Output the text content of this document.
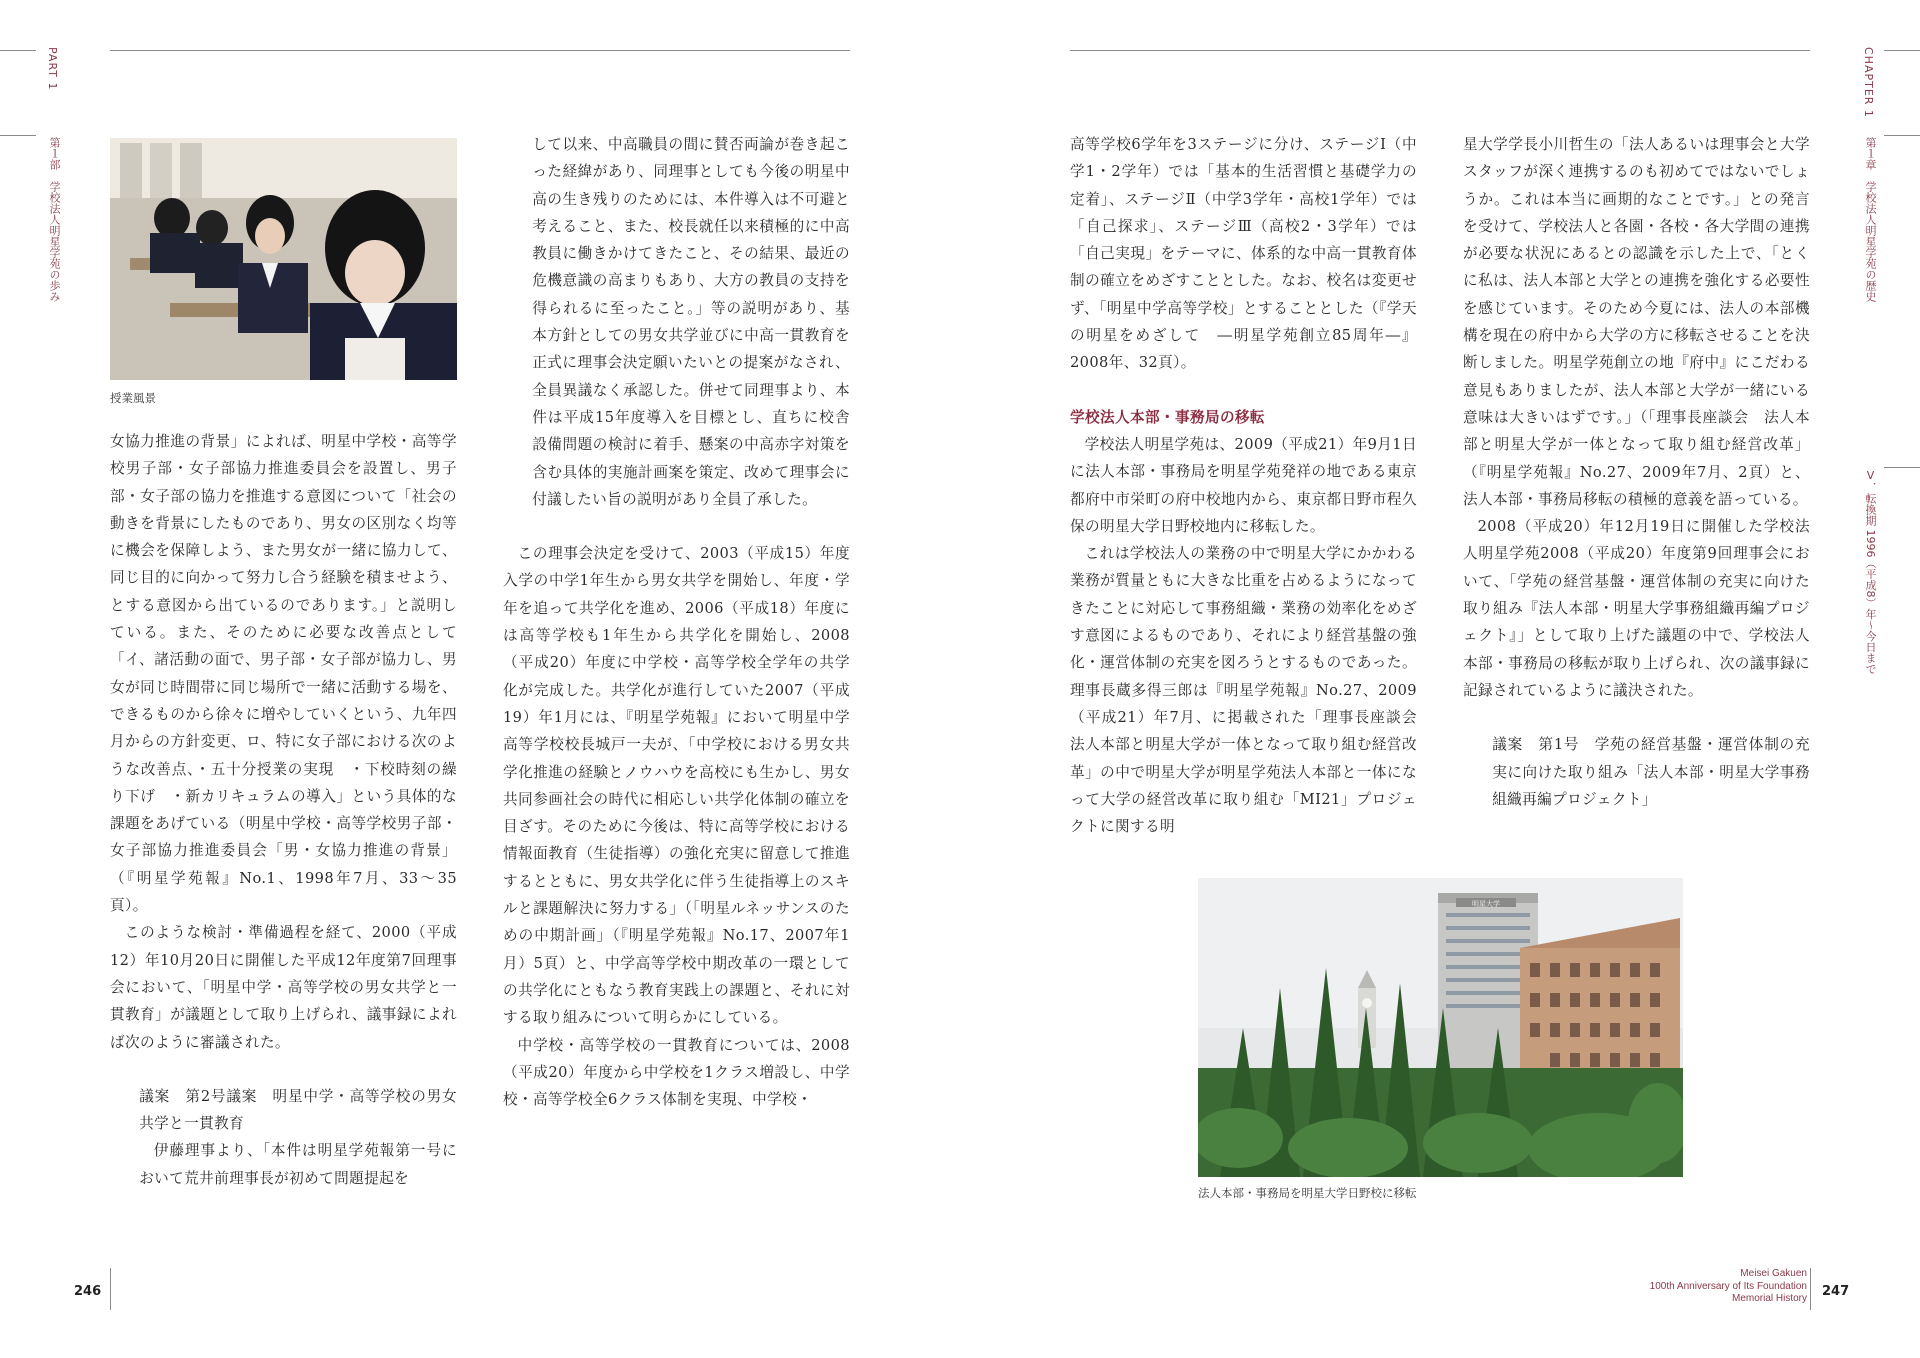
PART 1
第１部　学校法人明星学苑の歩み
授業風景

女協力推進の背景」によれば、明星中学校・高等学校男子部・女子部協力推進委員会を設置し、男子部・女子部の協力を推進する意図について「社会の動きを背景にしたものであり、男女の区別なく均等に機会を保障しよう、また男女が一緒に協力して、同じ目的に向かって努力し合う経験を積ませよう、とする意図から出ているのであります。」と説明している。また、そのために必要な改善点として「イ、諸活動の面で、男子部・女子部が協力し、男女が同じ時間帯に同じ場所で一緒に活動する場を、できるものから徐々に増やしていくという、九年四月からの方針変更、ロ、特に女子部における次のような改善点、・五十分授業の実現　・下校時刻の繰り下げ　・新カリキュラムの導入」という具体的な課題をあげている（明星中学校・高等学校男子部・女子部協力推進委員会「男・女協力推進の背景」（『明星学苑報』No.1、1998年7月、33～35頁）。

このような検討・準備過程を経て、2000（平成12）年10月20日に開催した平成12年度第7回理事会において、「明星中学・高等学校の男女共学と一貫教育」が議題として取り上げられ、議事録によれば次のように審議された。

議案　第2号議案　明星中学・高等学校の男女共学と一貫教育

伊藤理事より、「本件は明星学苑報第一号において荒井前理事長が初めて問題提起を

して以来、中高職員の間に賛否両論が巻き起こった経緯があり、同理事としても今後の明星中高の生き残りのためには、本件導入は不可避と考えること、また、校長就任以来積極的に中高教員に働きかけてきたこと、その結果、最近の危機意識の高まりもあり、大方の教員の支持を得られるに至ったこと。」等の説明があり、基本方針としての男女共学並びに中高一貫教育を正式に理事会決定願いたいとの提案がなされ、全員異議なく承認した。併せて同理事より、本件は平成15年度導入を目標とし、直ちに校舎設備問題の検討に着手、懸案の中高赤字対策を含む具体的実施計画案を策定、改めて理事会に付議したい旨の説明があり全員了承した。

この理事会決定を受けて、2003（平成15）年度入学の中学1年生から男女共学を開始し、年度・学年を追って共学化を進め、2006（平成18）年度には高等学校も1年生から共学化を開始し、2008（平成20）年度に中学校・高等学校全学年の共学化が完成した。共学化が進行していた2007（平成19）年1月には、『明星学苑報』において明星中学高等学校校長城戸一夫が、「中学校における男女共学化推進の経験とノウハウを高校にも生かし、男女共同参画社会の時代に相応しい共学化体制の確立を目ざす。そのために今後は、特に高等学校における情報面教育（生徒指導）の強化充実に留意して推進するとともに、男女共学化に伴う生徒指導上のスキルと課題解決に努力する」（「明星ルネッサンスのための中期計画」（『明星学苑報』No.17、2007年1月）5頁）と、中学高等学校中期改革の一環としての共学化にともなう教育実践上の課題と、それに対する取り組みについて明らかにしている。

中学校・高等学校の一貫教育については、2008（平成20）年度から中学校を1クラス増設し、中学校・高等学校全6クラス体制を実現、中学校・

246
CHAPTER 1
第１章　学校法人明星学苑の歴史
Ⅴ．転換期 1996（平成8）年～今日まで

高等学校6学年を3ステージに分け、ステージⅠ（中学1・2学年）では「基本的生活習慣と基礎学力の定着」、ステージⅡ（中学3学年・高校1学年）では「自己探求」、ステージⅢ（高校2・3学年）では「自己実現」をテーマに、体系的な中高一貫教育体制の確立をめざすこととした。なお、校名は変更せず、「明星中学高等学校」とすることとした（『学天の明星をめざして　―明星学苑創立85周年―』2008年、32頁）。

学校法人本部・事務局の移転

学校法人明星学苑は、2009（平成21）年9月1日に法人本部・事務局を明星学苑発祥の地である東京都府中市栄町の府中校地内から、東京都日野市程久保の明星大学日野校地内に移転した。

これは学校法人の業務の中で明星大学にかかわる業務が質量ともに大きな比重を占めるようになってきたことに対応して事務組織・業務の効率化をめざす意図によるものであり、それにより経営基盤の強化・運営体制の充実を図ろうとするものであった。理事長蔵多得三郎は『明星学苑報』No.27、2009（平成21）年7月、に掲載された「理事長座談会　法人本部と明星大学が一体となって取り組む経営改革」の中で明星大学が明星学苑法人本部と一体になって大学の経営改革に取り組む「MI21」プロジェクトに関する明

星大学学長小川哲生の「法人あるいは理事会と大学スタッフが深く連携するのも初めてではないでしょうか。これは本当に画期的なことです。」との発言を受けて、学校法人と各園・各校・各大学間の連携が必要な状況にあるとの認識を示した上で、「とくに私は、法人本部と大学との連携を強化する必要性を感じています。そのため今夏には、法人の本部機構を現在の府中から大学の方に移転させることを決断しました。明星学苑創立の地『府中』にこだわる意見もありましたが、法人本部と大学が一緒にいる意味は大きいはずです。」（「理事長座談会　法人本部と明星大学が一体となって取り組む経営改革」（『明星学苑報』No.27、2009年7月、2頁）と、法人本部・事務局移転の積極的意義を語っている。

2008（平成20）年12月19日に開催した学校法人明星学苑2008（平成20）年度第9回理事会において、「学苑の経営基盤・運営体制の充実に向けた取り組み『法人本部・明星大学事務組織再編プロジェクト』」として取り上げた議題の中で、学校法人本部・事務局の移転が取り上げられ、次の議事録に記録されているように議決された。

議案　第1号　学苑の経営基盤・運営体制の充実に向けた取り組み「法人本部・明星大学事務組織再編プロジェクト」

明星大学
法人本部・事務局を明星大学日野校に移転
Meisei Gakuen
100th Anniversary of Its Foundation
Memorial History 247
